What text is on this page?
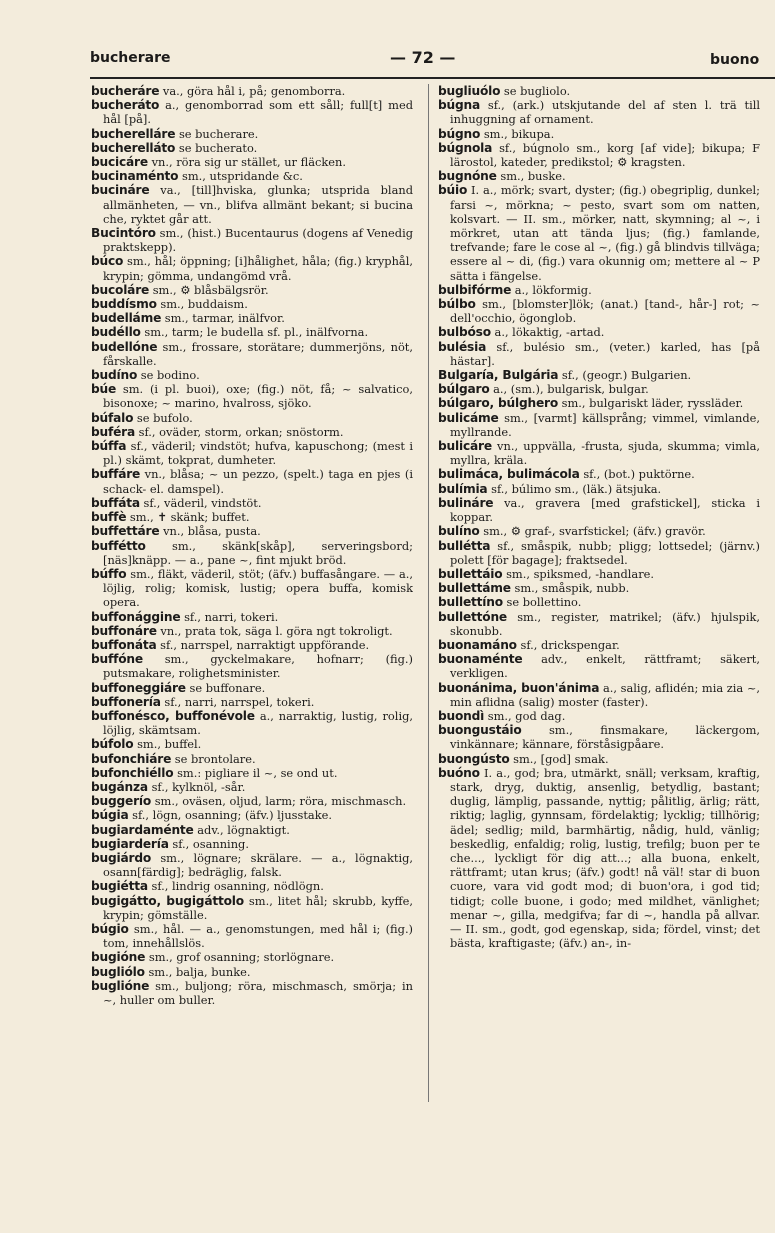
bucherare	— 72 —	buono

bucheráre va., göra hål i, på; genomborra.

bucheráto a., genomborrad som ett såll; full[t] med hål [på].

bucherelláre se bucherare.

bucherelláto se bucherato.

bucicáre vn., röra sig ur stället, ur fläcken.

bucinaménto sm., utspridande &c.

bucináre va., [till]hviska, glunka; utsprida bland allmänheten, — vn., blifva allmänt bekant; si bucina che, ryktet går att.

Bucintóro sm., (hist.) Bucentaurus (dogens af Venedig praktskepp).

búco sm., hål; öppning; [i]hålighet, håla; (fig.) kryphål, krypin; gömma, undangömd vrå.

bucoláre sm., ⚙ blåsbälgsrör.

buddísmo sm., buddaism.

budelláme sm., tarmar, inälfvor.

budéllo sm., tarm; le budella sf. pl., inälfvorna.

budellóne sm., frossare, storätare; dummerjöns, nöt, fårskalle.

budíno se bodino.

búe sm. (i pl. buoi), oxe; (fig.) nöt, få; ~ salvatico, bisonoxe; ~ marino, hvalross, sjöko.

búfalo se bufolo.

buféra sf., oväder, storm, orkan; snöstorm.

búffa sf., väderil; vindstöt; hufva, kapuschong; (mest i pl.) skämt, tokprat, dumheter.

buffáre vn., blåsa; ~ un pezzo, (spelt.) taga en pjes (i schack- el. damspel).

buffáta sf., väderil, vindstöt.

buffè sm., ✝ skänk; buffet.

buffettáre vn., blåsa, pusta.

bufféttо sm., skänk[skåp], serveringsbord; [näs]knäpp. — a., pane ~, fint mjukt bröd.

búffo sm., fläkt, väderil, stöt; (äfv.) buffasångare. — a., löjlig, rolig; komisk, lustig; opera buffa, komisk opera.

buffonággine sf., narri, tokeri.

buffonáre vn., prata tok, säga l. göra ngt tokroligt.

buffonáta sf., narrspel, narraktigt uppförande.

buffóne sm., gyckelmakare, hofnarr; (fig.) putsmakare, rolighetsminister.

buffoneggiáre se buffonare.

buffonería sf., narri, narrspel, tokeri.

buffonésco, buffonévole a., narraktig, lustig, rolig, löjlig, skämtsam.

búfolo sm., buffel.

bufonchiáre se brontolare.

bufonchiéllo sm.: pigliare il ~, se ond ut.

bugánza sf., kylknöl, -sår.

buggerío sm., oväsen, oljud, larm; röra, mischmasch.

búgia sf., lögn, osanning; (äfv.) ljusstake.

bugiardaménte adv., lögnaktigt.

bugiardería sf., osanning.

bugiárdo sm., lögnare; skrälare. — a., lögnaktig, osann[färdig]; bedräglig, falsk.

bugiétta sf., lindrig osanning, nödlögn.

bugigátto, bugigáttolo sm., litet hål; skrubb, kyffe, krypin; gömställe.

búgio sm., hål. — a., genomstungen, med hål i; (fig.) tom, innehållslös.

bugióne sm., grof osanning; storlögnare.

bugliólo sm., balja, bunke.

buglióne sm., buljong; röra, mischmasch, smörja; in ~, huller om buller.

bugliuólo se bugliolo.

búgna sf., (ark.) utskjutande del af sten l. trä till inhuggning af ornament.

búgno sm., bikupa.

búgnola sf., búgnolo sm., korg [af vide]; bikupa; F lärostol, kateder, predikstol; ⚙ kragsten.

bugnóne sm., buske.

búio I. a., mörk; svart, dyster; (fig.) obegriplig, dunkel; farsi ~, mörkna; ~ pesto, svart som om natten, kolsvart. — II. sm., mörker, natt, skymning; al ~, i mörkret, utan att tända ljus; (fig.) famlande, trefvande; fare le cose al ~, (fig.) gå blindvis tillväga; essere al ~ di, (fig.) vara okunnig om; mettere al ~ P sätta i fängelse.

bulbifórme a., lökformig.

búlbo sm., [blomster]lök; (anat.) [tand-, hår-] rot; ~ dell'occhio, ögonglob.

bulbóso a., lökaktig, -artad.

bulésia sf., bulésio sm., (veter.) karled, has [på hästar].

Bulgaría, Bulgária sf., (geogr.) Bulgarien.

búlgaro a., (sm.), bulgarisk, bulgar.

búlgaro, búlghero sm., bulgariskt läder, ryssläder.

bulicáme sm., [varmt] källsprång; vimmel, vimlande, myllrande.

bulicáre vn., uppvälla, -frusta, sjuda, skumma; vimla, myllra, kräla.

bulimáca, bulimácola sf., (bot.) puktörne.

bulímia sf., búlimo sm., (läk.) ätsjuka.

bulináre va., gravera [med grafstickel], sticka i koppar.

bulíno sm., ⚙ graf-, svarfstickel; (äfv.) gravör.

bullétta sf., småspik, nubb; pligg; lottsedel; (järnv.) polett [för bagage]; fraktsedel.

bullettáio sm., spiksmed, -handlare.

bullettáme sm., småspik, nubb.

bullettíno se bollettino.

bullettóne sm., register, matrikel; (äfv.) hjulspik, skonubb.

buonamáno sf., drickspengar.

buonaménte adv., enkelt, rättframt; säkert, verkligen.

buonánima, buon'ánima a., salig, aflidén; mia zia ~, min aflidna (salig) moster (faster).

buondì sm., god dag.

buongustáio sm., finsmakare, läckergom, vinkännare; kännare, förståsigpåare.

buongústo sm., [god] smak.

buóno I. a., god; bra, utmärkt, snäll; verksam, kraftig, stark, dryg, duktig, ansenlig, betydlig, bastant; duglig, lämplig, passande, nyttig; pålitlig, ärlig; rätt, riktig; laglig, gynnsam, fördelaktig; lycklig; tillhörig; ädel; sedlig; mild, barmhärtig, nådig, huld, vänlig; beskedlig, enfaldig; rolig, lustig, trefilg; buon per te che..., lyckligt för dig att...; alla buona, enkelt, rättframt; utan krus; (äfv.) godt! nå väl! star di buon cuore, vara vid godt mod; di buon'ora, i god tid; tidigt; colle buone, i godo; med mildhet, vänlighet; menar ~, gilla, medgifva; far di ~, handla på allvar. — II. sm., godt, god egenskap, sida; fördel, vinst; det bästa, kraftigaste; (äfv.) an-, in-
